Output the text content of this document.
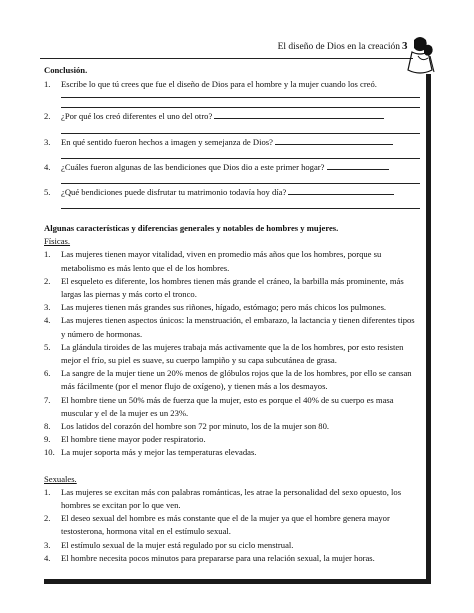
El diseño de Dios en la creación 3
Conclusión.
1. Escribe lo que tú crees que fue el diseño de Dios para el hombre y la mujer cuando los creó.
2. ¿Por qué los creó diferentes el uno del otro?
3. En qué sentido fueron hechos a imagen y semejanza de Dios?
4. ¿Cuáles fueron algunas de las bendiciones que Dios dio a este primer hogar?
5. ¿Qué bendiciones puede disfrutar tu matrimonio todavía hoy día?
Algunas características y diferencias generales y notables de hombres y mujeres.
Físicas.
1. Las mujeres tienen mayor vitalidad, viven en promedio más años que los hombres, porque su metabolismo es más lento que el de los hombres.
2. El esqueleto es diferente, los hombres tienen más grande el cráneo, la barbilla más prominente, más largas las piernas y más corto el tronco.
3. Las mujeres tienen más grandes sus riñones, hígado, estómago; pero más chicos los pulmones.
4. Las mujeres tienen aspectos únicos: la menstruación, el embarazo, la lactancia y tienen diferentes tipos y número de hormonas.
5. La glándula tiroides de las mujeres trabaja más activamente que la de los hombres, por esto resisten mejor el frío, su piel es suave, su cuerpo lampiño y su capa subcutánea de grasa.
6. La sangre de la mujer tiene un 20% menos de glóbulos rojos que la de los hombres, por ello se cansan más fácilmente (por el menor flujo de oxígeno), y tienen más a los desmayos.
7. El hombre tiene un 50% más de fuerza que la mujer, esto es porque el 40% de su cuerpo es masa muscular y el de la mujer es un 23%.
8. Los latidos del corazón del hombre son 72 por minuto, los de la mujer son 80.
9. El hombre tiene mayor poder respiratorio.
10. La mujer soporta más y mejor las temperaturas elevadas.
Sexuales.
1. Las mujeres se excitan más con palabras románticas, les atrae la personalidad del sexo opuesto, los hombres se excitan por lo que ven.
2. El deseo sexual del hombre es más constante que el de la mujer ya que el hombre genera mayor testosterona, hormona vital en el estímulo sexual.
3. El estímulo sexual de la mujer está regulado por su ciclo menstrual.
4. El hombre necesita pocos minutos para prepararse para una relación sexual, la mujer horas.
